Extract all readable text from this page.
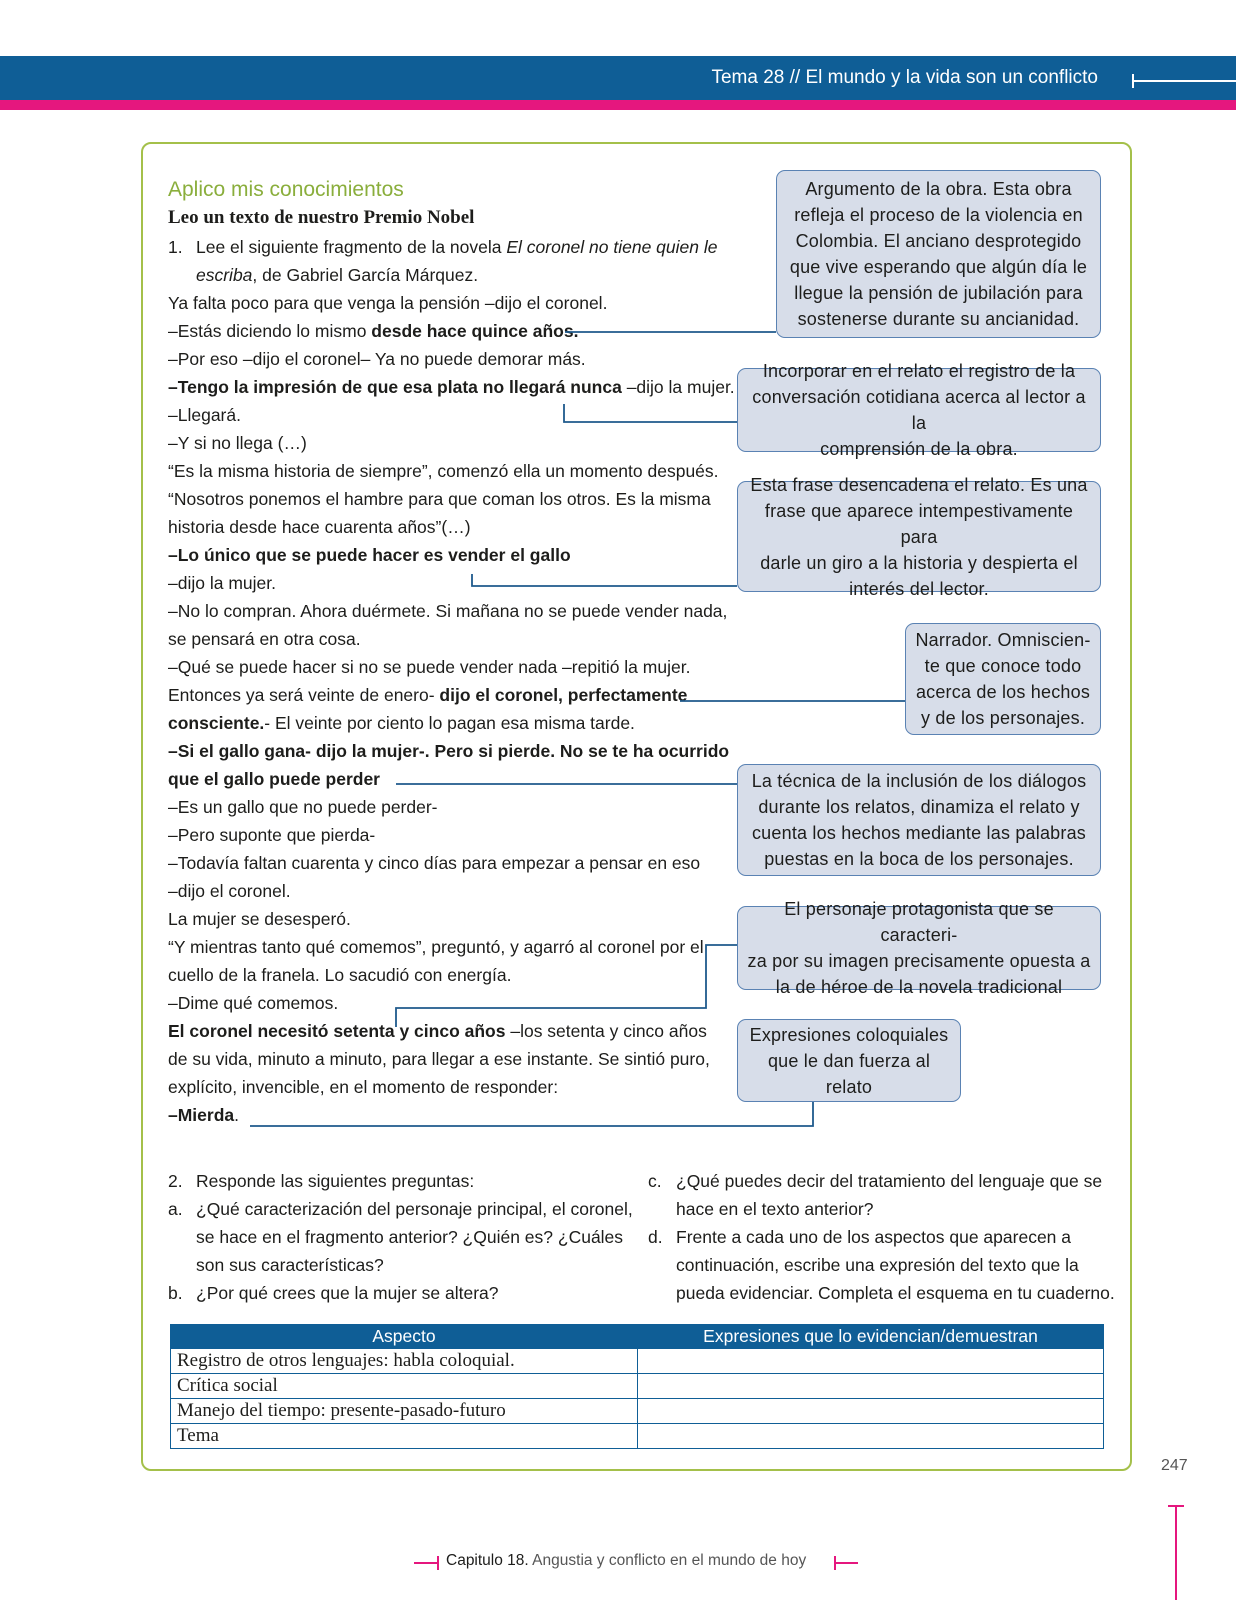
Tema 28 // El mundo y la vida son un conflicto
Aplico mis conocimientos
Leo un texto de nuestro Premio Nobel
1. Lee el siguiente fragmento de la novela El coronel no tiene quien le
escriba, de Gabriel García Márquez.
Ya falta poco para que venga la pensión –dijo el coronel.
–Estás diciendo lo mismo desde hace quince años.
–Por eso –dijo el coronel– Ya no puede demorar más.
–Tengo la impresión de que esa plata no llegará nunca –dijo la mujer.
–Llegará.
–Y si no llega (…)
“Es la misma historia de siempre”, comenzó ella un momento después.
“Nosotros ponemos el hambre para que coman los otros. Es la misma
historia desde hace cuarenta años”(…)
–Lo único que se puede hacer es vender el gallo
–dijo la mujer.
–No lo compran. Ahora duérmete. Si mañana no se puede vender nada,
se pensará en otra cosa.
–Qué se puede hacer si no se puede vender nada –repitió la mujer.
Entonces ya será veinte de enero- dijo el coronel, perfectamente
consciente.- El veinte por ciento lo pagan esa misma tarde.
–Si el gallo gana- dijo la mujer-. Pero si pierde. No se te ha ocurrido
que el gallo puede perder
–Es un gallo que no puede perder-
–Pero suponte que pierda-
–Todavía faltan cuarenta y cinco días para empezar a pensar en eso
–dijo el coronel.
La mujer se desesperó.
“Y mientras tanto qué comemos”, preguntó, y agarró al coronel por el
cuello de la franela. Lo sacudió con energía.
–Dime qué comemos.
El coronel necesitó setenta y cinco años –los setenta y cinco años
de su vida, minuto a minuto, para llegar a ese instante. Se sintió puro,
explícito, invencible, en el momento de responder:
–Mierda.
Argumento de la obra. Esta obra
refleja el proceso de la violencia en
Colombia. El anciano desprotegido
que vive esperando que algún día le
llegue la pensión de jubilación para
sostenerse durante su ancianidad.
Incorporar en el relato el registro de la
conversación cotidiana acerca al lector a la
comprensión de la obra.
Esta frase desencadena el relato. Es una
frase que aparece intempestivamente para
darle un giro a la historia y despierta el
interés del lector.
Narrador. Omniscien-
te que conoce todo
acerca de los hechos
y de los personajes.
La técnica de la inclusión de los diálogos
durante los relatos, dinamiza el relato y
cuenta los hechos mediante las palabras
puestas en la boca de los personajes.
El personaje protagonista que se caracteri-
za por su imagen precisamente opuesta a
la de héroe de la novela tradicional
Expresiones coloquiales
que le dan fuerza al relato
2. Responde las siguientes preguntas:
a. ¿Qué caracterización del personaje principal, el coronel,
se hace en el fragmento anterior? ¿Quién es? ¿Cuáles
son sus características?
b. ¿Por qué crees que la mujer se altera?
c. ¿Qué puedes decir del tratamiento del lenguaje que se
hace en el texto anterior?
d. Frente a cada uno de los aspectos que aparecen a
continuación, escribe una expresión del texto que la
pueda evidenciar. Completa el esquema en tu cuaderno.
Aspecto	Expresiones que lo evidencian/demuestran
Registro de otros lenguajes: habla coloquial.	
Crítica social	
Manejo del tiempo: presente-pasado-futuro	
Tema	
247
Capitulo 18. Angustia y conflicto en el mundo de hoy
